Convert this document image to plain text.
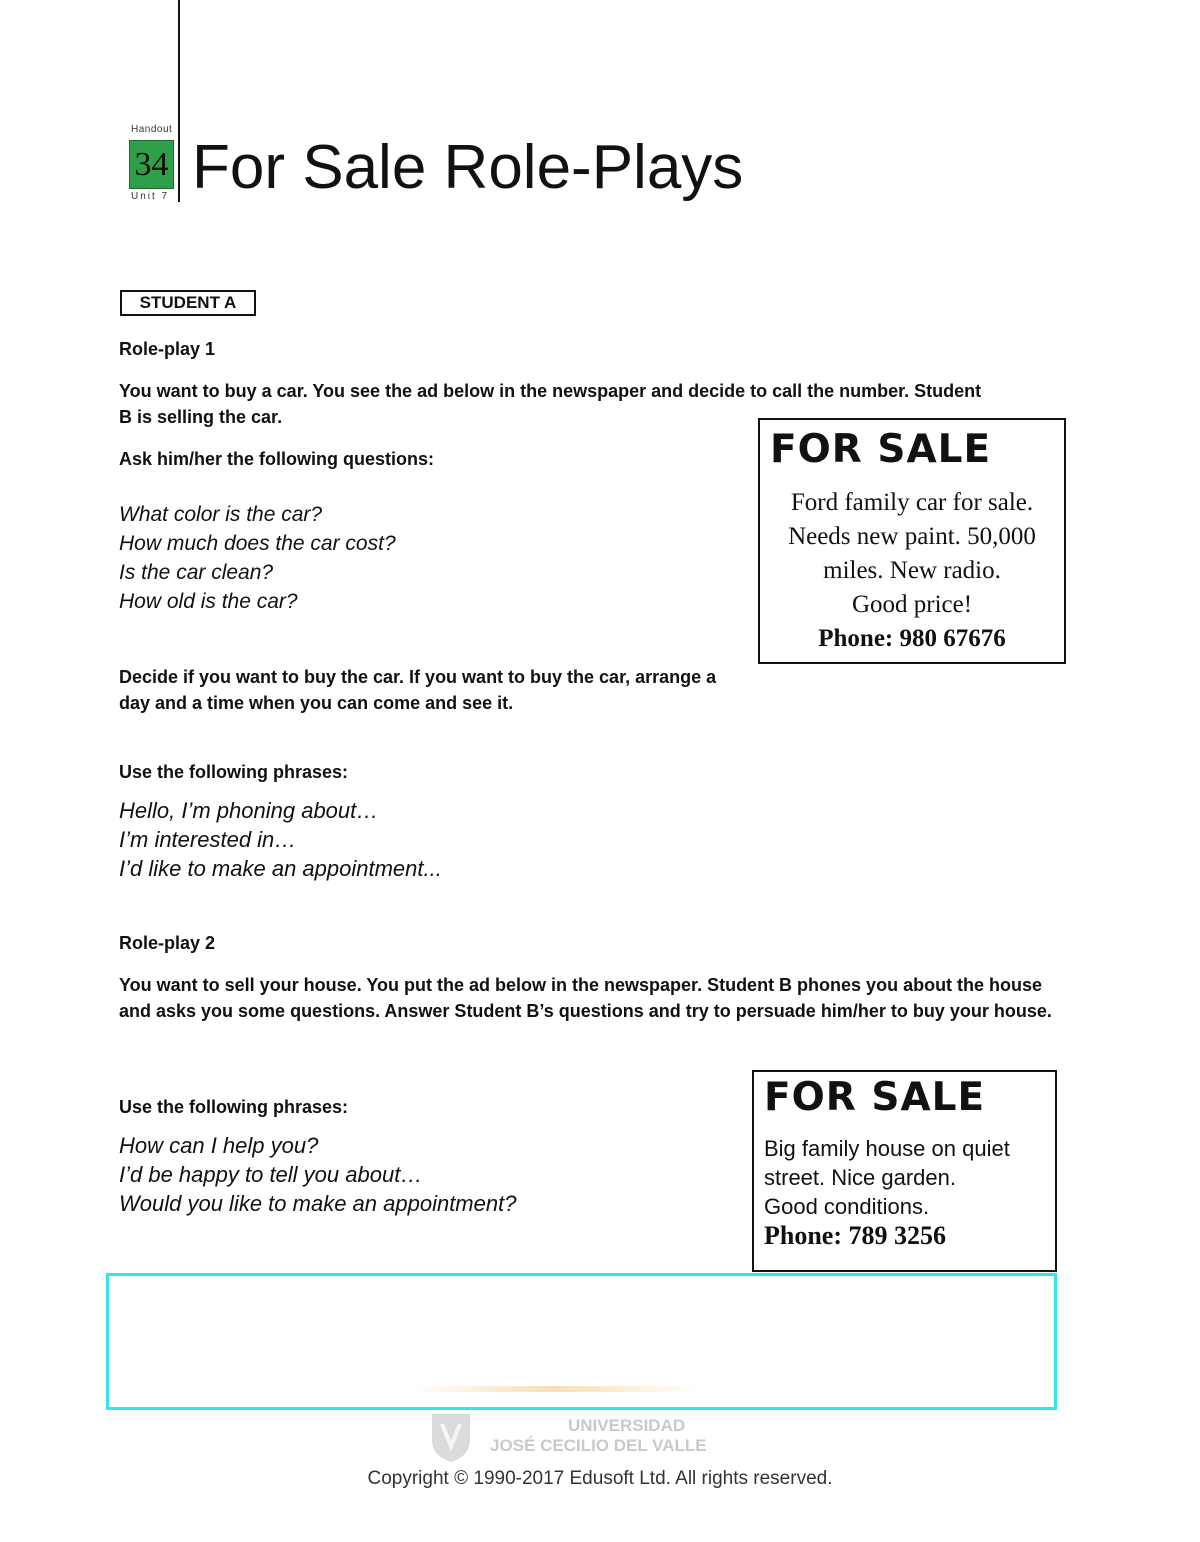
Handout
34
Unit 7 For Sale Role-Plays
STUDENT A

Role-play 1

You want to buy a car. You see the ad below in the newspaper and decide to call the number. Student B is selling the car.

Ask him/her the following questions:

What color is the car?
How much does the car cost?
Is the car clean?
How old is the car?

Decide if you want to buy the car. If you want to buy the car, arrange a day and a time when you can come and see it.

Use the following phrases:

Hello, I’m phoning about…
I’m interested in…
I’d like to make an appointment...
FOR SALE
Ford family car for sale.
Needs new paint. 50,000
miles. New radio.
Good price!
Phone: 980 67676

Role-play 2

You want to sell your house. You put the ad below in the newspaper. Student B phones you about the house and asks you some questions. Answer Student B’s questions and try to persuade him/her to buy your house.

Use the following phrases:

How can I help you?
I’d be happy to tell you about…
Would you like to make an appointment?
FOR SALE
Big family house on quiet
street. Nice garden.
Good conditions.
Phone: 789 3256
UNIVERSIDAD
JOSÉ CECILIO DEL VALLE
Copyright © 1990-2017 Edusoft Ltd. All rights reserved.
